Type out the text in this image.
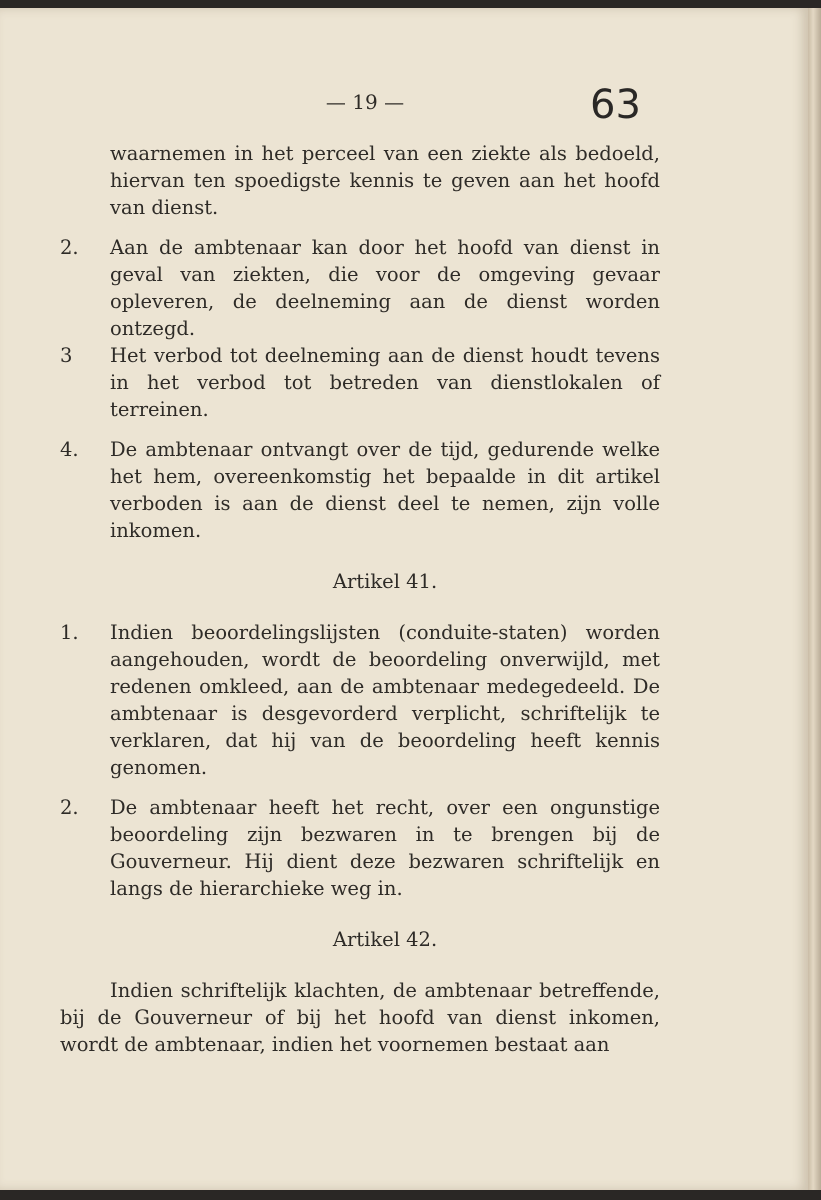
— 19 —	63
waarnemen in het perceel van een ziekte als bedoeld, hiervan ten spoedigste kennis te geven aan het hoofd van dienst.
2. Aan de ambtenaar kan door het hoofd van dienst in geval van ziekten, die voor de omgeving gevaar opleveren, de deelneming aan de dienst worden ontzegd.
3 Het verbod tot deelneming aan de dienst houdt tevens in het verbod tot betreden van dienstlokalen of terreinen.
4. De ambtenaar ontvangt over de tijd, gedurende welke het hem, overeenkomstig het bepaalde in dit artikel verboden is aan de dienst deel te nemen, zijn volle inkomen.
Artikel 41.
1. Indien beoordelingslijsten (conduite-staten) worden aangehouden, wordt de beoordeling onverwijld, met redenen omkleed, aan de ambtenaar medegedeeld. De ambtenaar is desgevorderd verplicht, schriftelijk te verklaren, dat hij van de beoordeling heeft kennis genomen.
2. De ambtenaar heeft het recht, over een ongunstige beoordeling zijn bezwaren in te brengen bij de Gouverneur. Hij dient deze bezwaren schriftelijk en langs de hierarchieke weg in.
Artikel 42.
Indien schriftelijk klachten, de ambtenaar betreffende, bij de Gouverneur of bij het hoofd van dienst inkomen, wordt de ambtenaar, indien het voornemen bestaat aan
